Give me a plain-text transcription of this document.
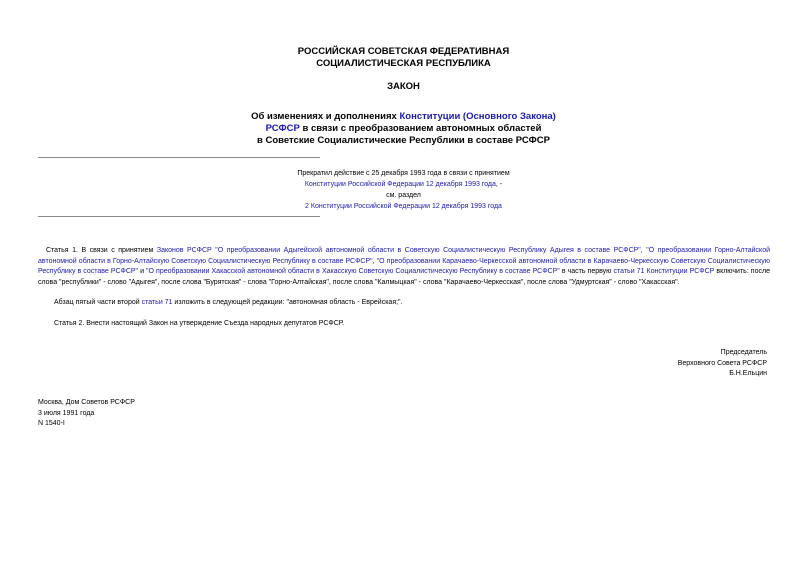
РОССИЙСКАЯ СОВЕТСКАЯ ФЕДЕРАТИВНАЯ
СОЦИАЛИСТИЧЕСКАЯ РЕСПУБЛИКА
ЗАКОН
Об изменениях и дополнениях Конституции (Основного Закона)
РСФСР в связи с преобразованием автономных областей
в Советские Социалистические Республики в составе РСФСР
Прекратил действие с 25 декабря 1993 года в связи с принятием
Конституции Российской Федерации 12 декабря 1993 года, -
см. раздел
2 Конституции Российской Федерации 12 декабря 1993 года
Статья 1. В связи с принятием Законов РСФСР "О преобразовании Адыгейской автономной области в Советскую Социалистическую Республику Адыгея в составе РСФСР", "О преобразовании Горно-Алтайской автономной области в Горно-Алтайскую Советскую Социалистическую Республику в составе РСФСР", "О преобразовании Карачаево-Черкесской автономной области в Карачаево-Черкесскую Советскую Социалистическую Республику в составе РСФСР" и "О преобразовании Хакасской автономной области в Хакасскую Советскую Социалистическую Республику в составе РСФСР" в часть первую статьи 71 Конституции РСФСР включить: после слова "республики" - слово "Адыгея", после слова "Бурятская" - слова "Горно-Алтайская", после слова "Калмыцкая" - слова "Карачаево-Черкесская", после слова "Удмуртская" - слово "Хакасская".
Абзац пятый части второй статьи 71 изложить в следующей редакции: "автономная область - Еврейская;".
Статья 2. Внести настоящий Закон на утверждение Съезда народных депутатов РСФСР.
Председатель
Верховного Совета РСФСР
Б.Н.Ельцин
Москва, Дом Советов РСФСР
3 июля 1991 года
N 1540-I
